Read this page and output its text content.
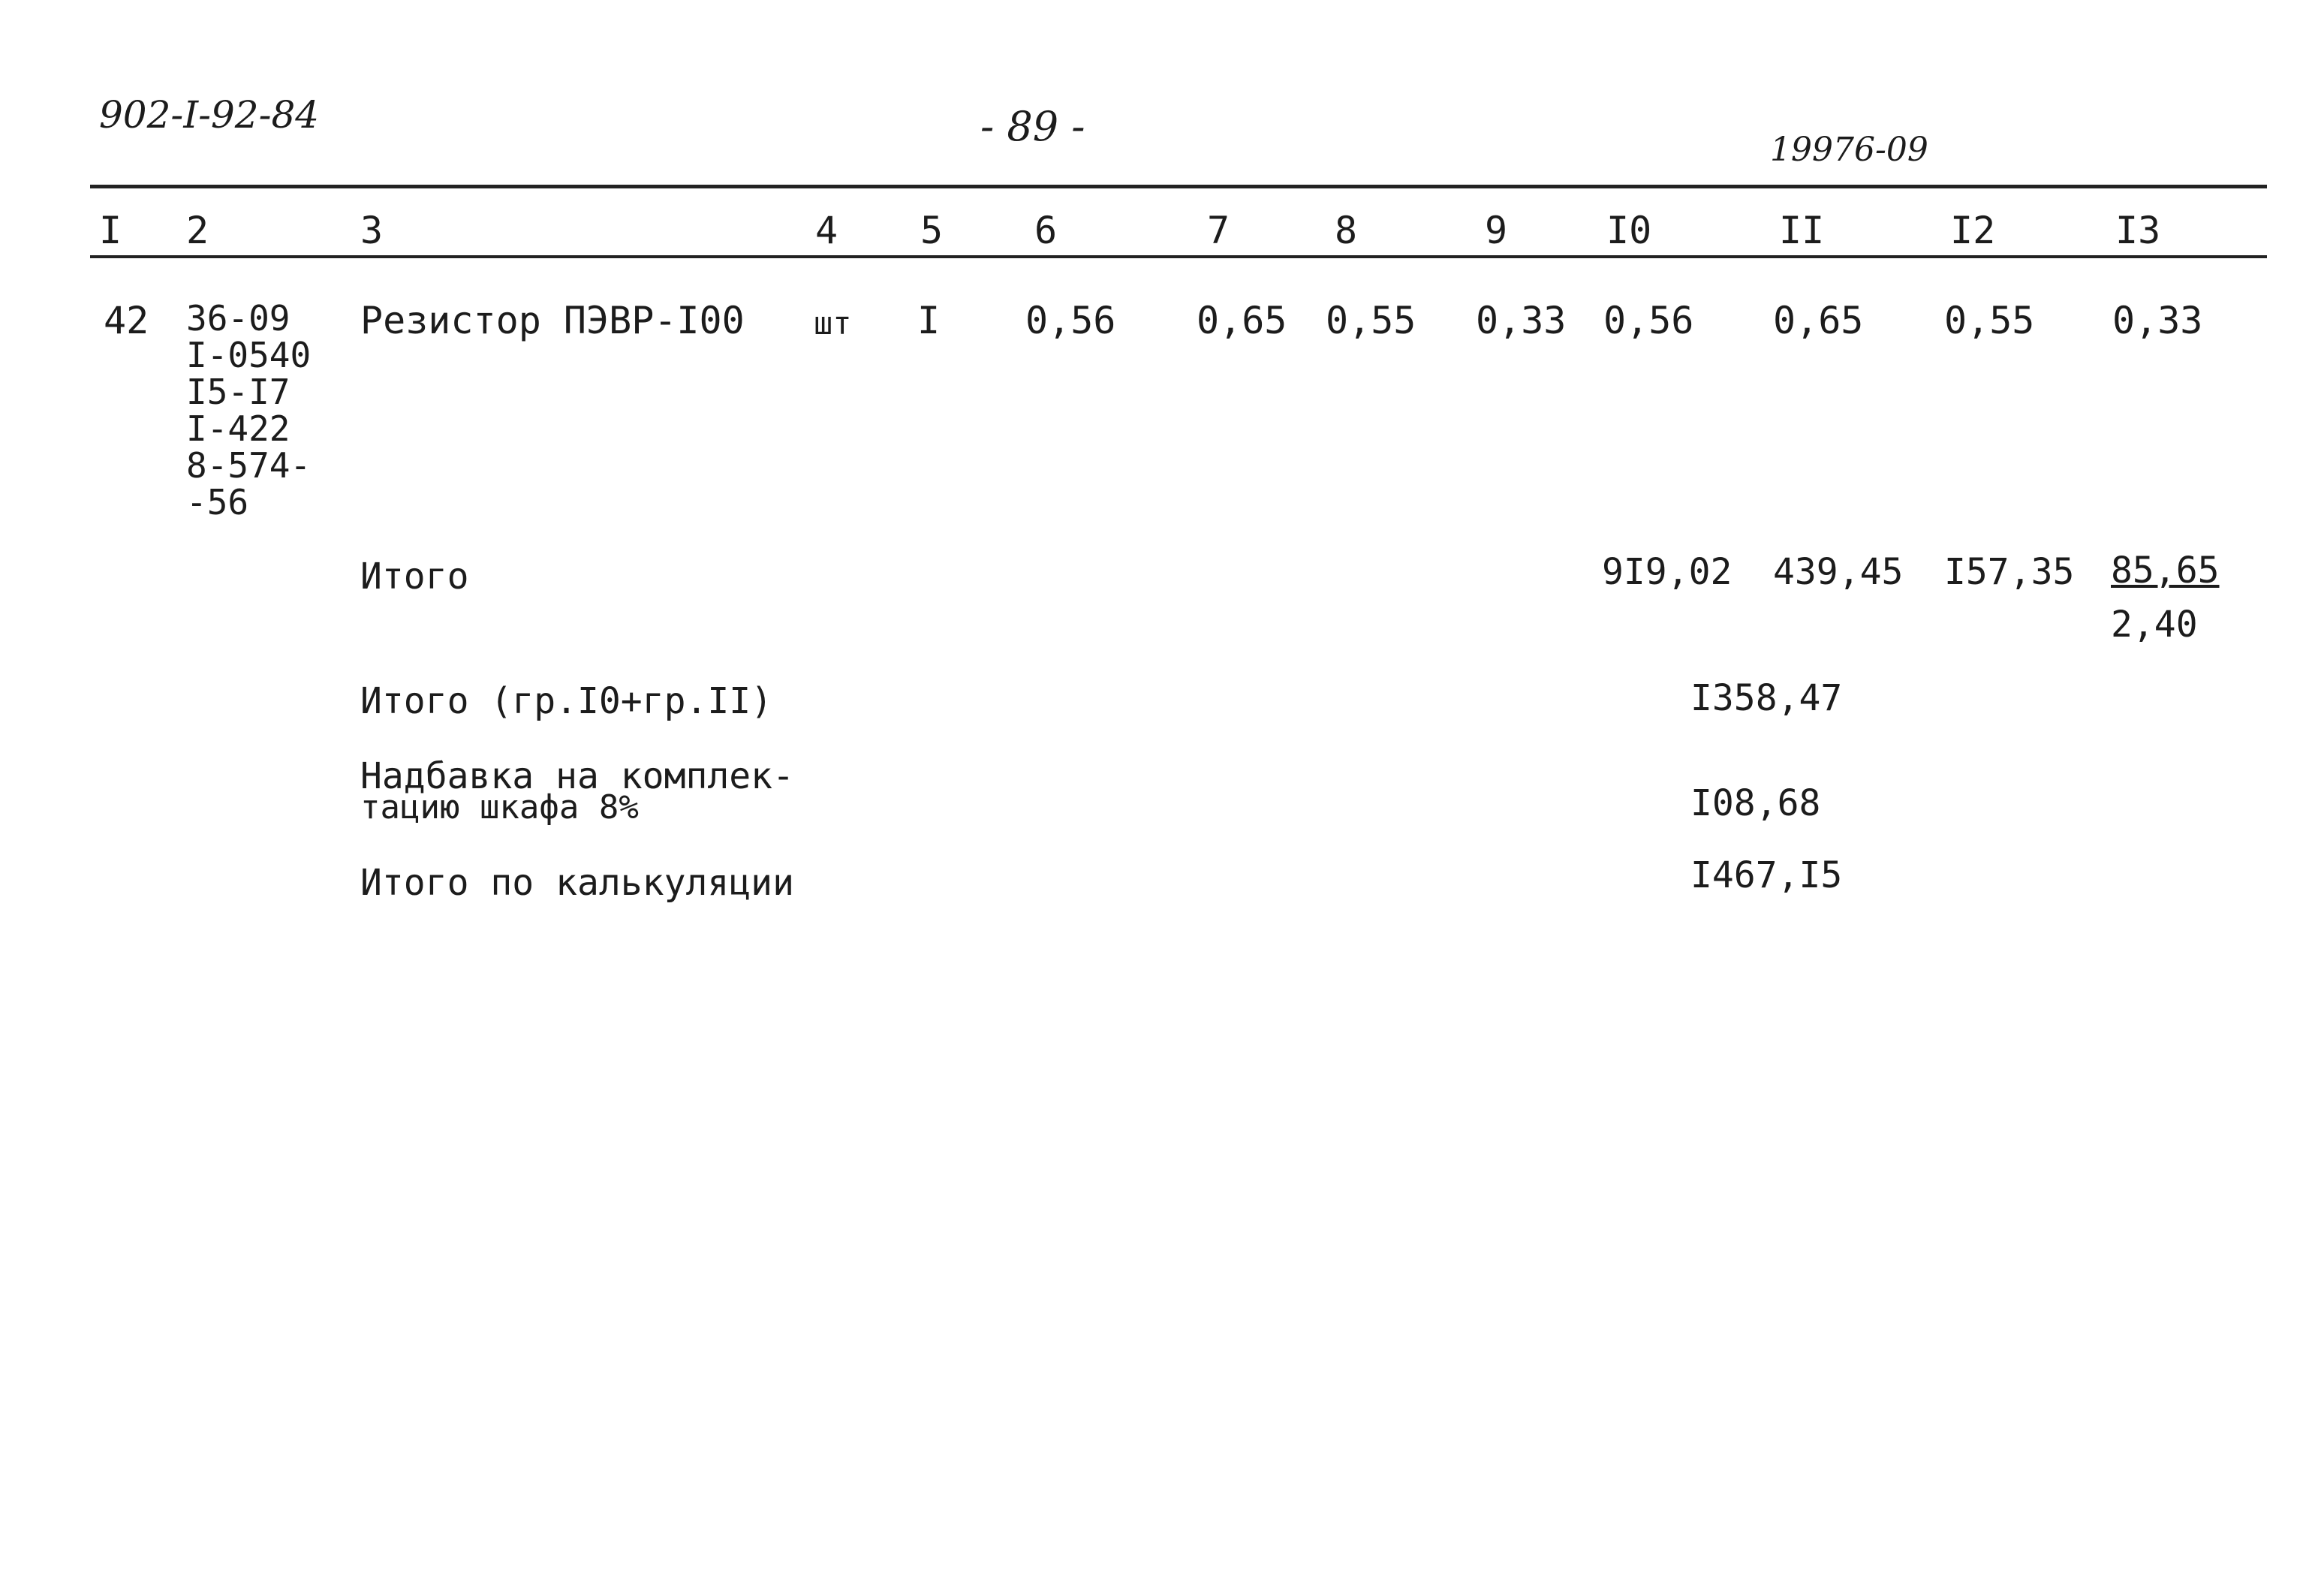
902-I-92-84	- 89 -	19976-09
I 2	3	4 5 6	7	8	9	I0	II	I2	I3
42 36-09
I-0540
I5-I7
I-422
8-574-
-56
Резистор ПЭВР-I00 шт I 0,56 0,65 0,55 0,33 0,56 0,65 0,55 0,33
Итого	9I9,02 439,45 I57,35 85,65
2,40
Итого (гр.I0+гр.II)	I358,47
Надбавка на комплек-
тацию шкафа 8%	I08,68
Итого по калькуляции	I467,I5
